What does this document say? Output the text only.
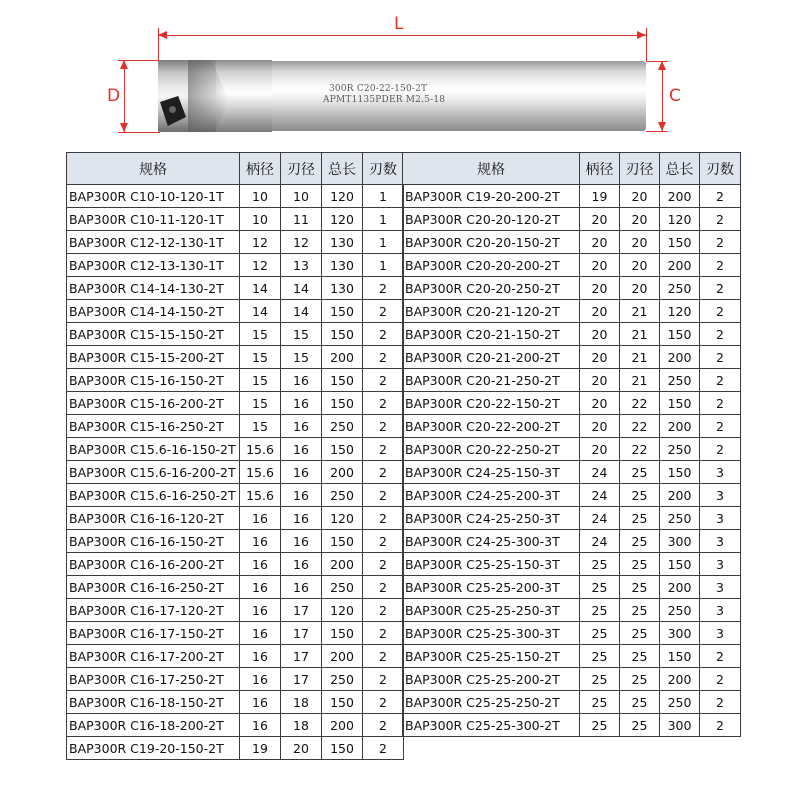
L
D	C
300R C20-22-150-2T
APMT1135PDER M2.5-18
规格	柄径	刃径	总长	刃数
BAP300R C10-10-120-1T	10	10	120	1
BAP300R C10-11-120-1T	10	11	120	1
BAP300R C12-12-130-1T	12	12	130	1
BAP300R C12-13-130-1T	12	13	130	1
BAP300R C14-14-130-2T	14	14	130	2
BAP300R C14-14-150-2T	14	14	150	2
BAP300R C15-15-150-2T	15	15	150	2
BAP300R C15-15-200-2T	15	15	200	2
BAP300R C15-16-150-2T	15	16	150	2
BAP300R C15-16-200-2T	15	16	150	2
BAP300R C15-16-250-2T	15	16	250	2
BAP300R C15.6-16-150-2T	15.6	16	150	2
BAP300R C15.6-16-200-2T	15.6	16	200	2
BAP300R C15.6-16-250-2T	15.6	16	250	2
BAP300R C16-16-120-2T	16	16	120	2
BAP300R C16-16-150-2T	16	16	150	2
BAP300R C16-16-200-2T	16	16	200	2
BAP300R C16-16-250-2T	16	16	250	2
BAP300R C16-17-120-2T	16	17	120	2
BAP300R C16-17-150-2T	16	17	150	2
BAP300R C16-17-200-2T	16	17	200	2
BAP300R C16-17-250-2T	16	17	250	2
BAP300R C16-18-150-2T	16	18	150	2
BAP300R C16-18-200-2T	16	18	200	2
BAP300R C19-20-150-2T	19	20	150	2
规格	柄径	刃径	总长	刃数
BAP300R C19-20-200-2T	19	20	200	2
BAP300R C20-20-120-2T	20	20	120	2
BAP300R C20-20-150-2T	20	20	150	2
BAP300R C20-20-200-2T	20	20	200	2
BAP300R C20-20-250-2T	20	20	250	2
BAP300R C20-21-120-2T	20	21	120	2
BAP300R C20-21-150-2T	20	21	150	2
BAP300R C20-21-200-2T	20	21	200	2
BAP300R C20-21-250-2T	20	21	250	2
BAP300R C20-22-150-2T	20	22	150	2
BAP300R C20-22-200-2T	20	22	200	2
BAP300R C20-22-250-2T	20	22	250	2
BAP300R C24-25-150-3T	24	25	150	3
BAP300R C24-25-200-3T	24	25	200	3
BAP300R C24-25-250-3T	24	25	250	3
BAP300R C24-25-300-3T	24	25	300	3
BAP300R C25-25-150-3T	25	25	150	3
BAP300R C25-25-200-3T	25	25	200	3
BAP300R C25-25-250-3T	25	25	250	3
BAP300R C25-25-300-3T	25	25	300	3
BAP300R C25-25-150-2T	25	25	150	2
BAP300R C25-25-200-2T	25	25	200	2
BAP300R C25-25-250-2T	25	25	250	2
BAP300R C25-25-300-2T	25	25	300	2
